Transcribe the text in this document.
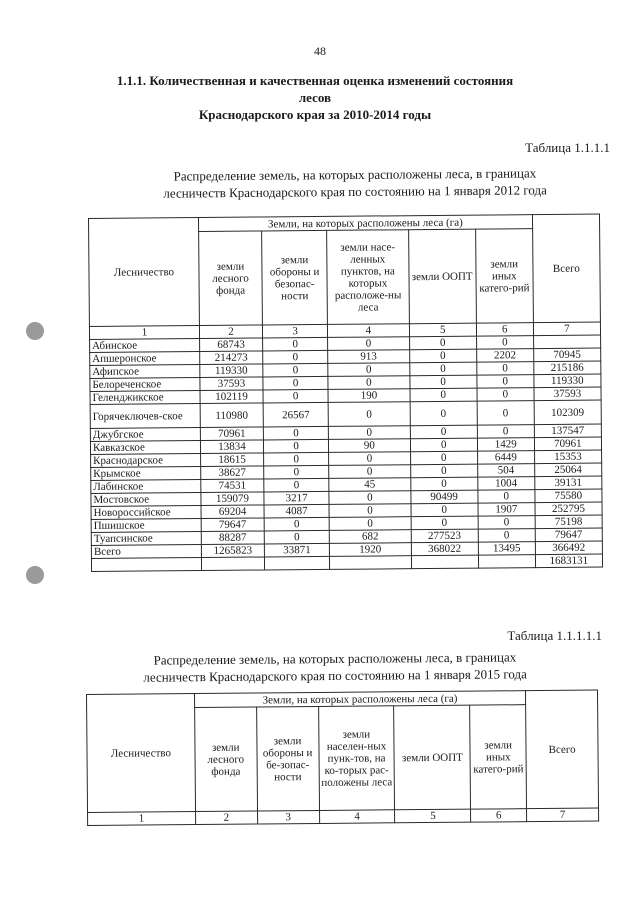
48
1.1.1. Количественная и качественная оценка изменений состояния лесов
Краснодарского края за 2010-2014 годы
Таблица 1.1.1.1
Распределение земель, на которых расположены леса, в границах
лесничеств Краснодарского края по состоянию на 1 января 2012 года
Лесничество	Земли, на которых расположены леса (га)					Всего
	земли лесного фонда	земли обороны и безопас-ности	земли насе-ленных пунктов, на которых расположе-ны леса	земли ООПТ	земли иных катего-рий	
1	2	3	4	5	6	7
Абинское	68743	0	0	0	0	
Апшеронское	214273	0	913	0	2202	70945
Афипское	119330	0	0	0	0	215186
Белореченское	37593	0	0	0	0	119330
Геленджикское	102119	0	190	0	0	37593
Горячеключев-ское	110980	26567	0	0	0	102309
Джубгское	70961	0	0	0	0	137547
Кавказское	13834	0	90	0	1429	70961
Краснодарское	18615	0	0	0	6449	15353
Крымское	38627	0	0	0	504	25064
Лабинское	74531	0	45	0	1004	39131
Мостовское	159079	3217	0	90499	0	75580
Новороссийское	69204	4087	0	0	1907	252795
Пшишское	79647	0	0	0	0	75198
Туапсинское	88287	0	682	277523	0	79647
Всего	1265823	33871	1920	368022	13495	366492
						1683131
Таблица 1.1.1.1.1
Распределение земель, на которых расположены леса, в границах
лесничеств Краснодарского края по состоянию на 1 января 2015 года
Лесничество	Земли, на которых расположены леса (га)					Всего
	земли лесного фонда	земли обороны и бе-зопас-ности	земли населен-ных пунк-тов, на ко-торых рас-положены леса	земли ООПТ	земли иных катего-рий	
1	2	3	4	5	6	7
